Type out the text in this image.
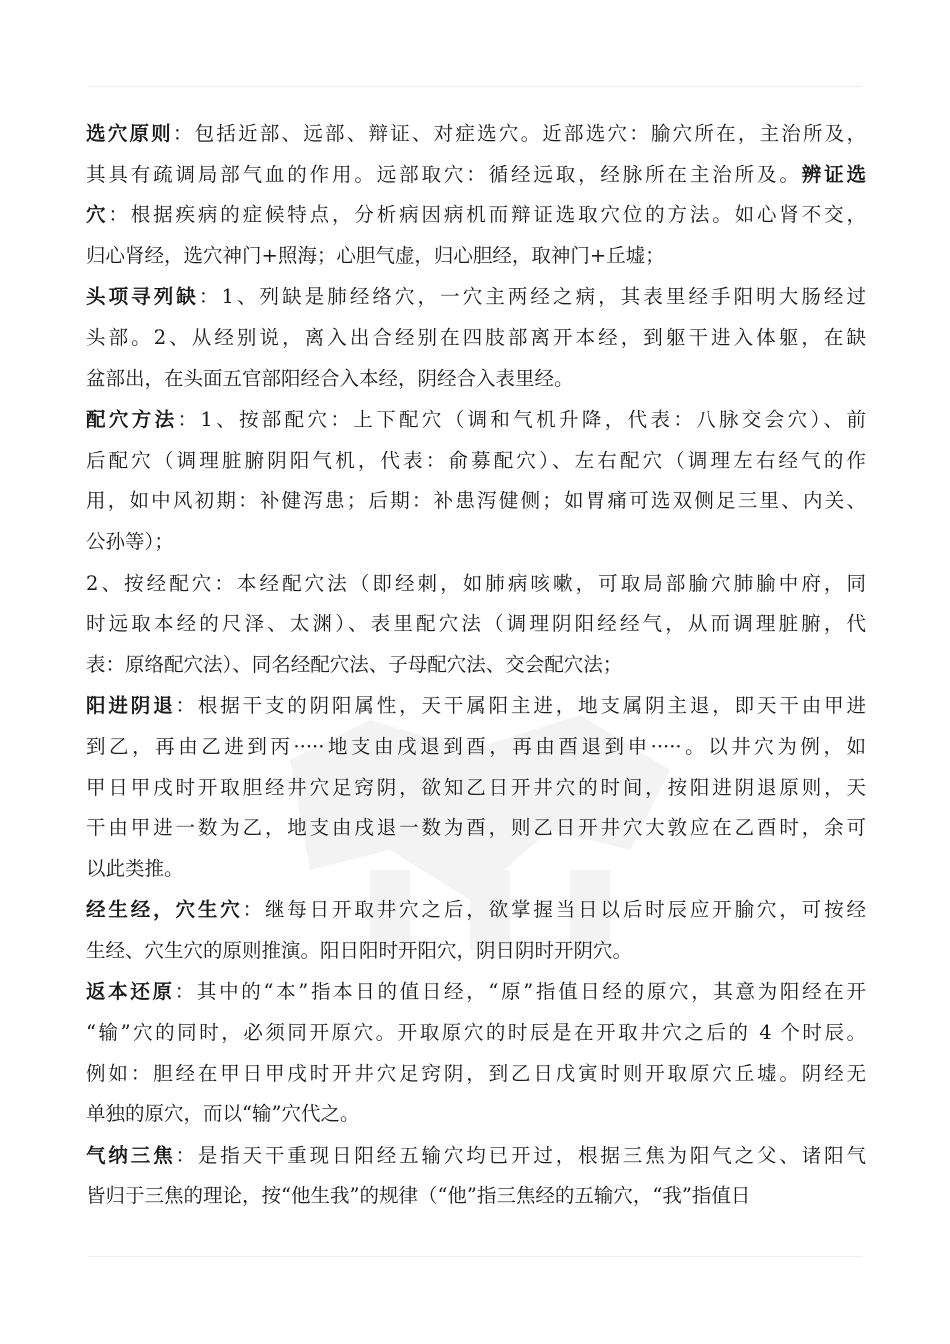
选穴原则：包括近部、远部、辩证、对症选穴。近部选穴：腧穴所在，主治所及，
其具有疏调局部气血的作用。远部取穴：循经远取，经脉所在主治所及。辨证选
穴：根据疾病的症候特点，分析病因病机而辩证选取穴位的方法。如心肾不交，
归心肾经，选穴神门+照海；心胆气虚，归心胆经，取神门+丘墟；
头项寻列缺：1、列缺是肺经络穴，一穴主两经之病，其表里经手阳明大肠经过
头部。2、从经别说，离入出合经别在四肢部离开本经，到躯干进入体躯，在缺
盆部出，在头面五官部阳经合入本经，阴经合入表里经。
配穴方法：1、按部配穴：上下配穴（调和气机升降，代表：八脉交会穴）、前
后配穴（调理脏腑阴阳气机，代表：俞募配穴）、左右配穴（调理左右经气的作
用，如中风初期：补健泻患；后期：补患泻健侧；如胃痛可选双侧足三里、内关、
公孙等）；
2、按经配穴：本经配穴法（即经刺，如肺病咳嗽，可取局部腧穴肺腧中府，同
时远取本经的尺泽、太渊）、表里配穴法（调理阴阳经经气，从而调理脏腑，代
表：原络配穴法）、同名经配穴法、子母配穴法、交会配穴法；
阳进阴退：根据干支的阴阳属性，天干属阳主进，地支属阴主退，即天干由甲进
到乙，再由乙进到丙·····地支由戌退到酉，再由酉退到申·····。以井穴为例，如
甲日甲戌时开取胆经井穴足窍阴，欲知乙日开井穴的时间，按阳进阴退原则，天
干由甲进一数为乙，地支由戌退一数为酉，则乙日开井穴大敦应在乙酉时，余可
以此类推。
经生经，穴生穴：继每日开取井穴之后，欲掌握当日以后时辰应开腧穴，可按经
生经、穴生穴的原则推演。阳日阳时开阳穴，阴日阴时开阴穴。
返本还原：其中的“本”指本日的值日经，“原”指值日经的原穴，其意为阳经在开
“输”穴的同时，必须同开原穴。开取原穴的时辰是在开取井穴之后的 4 个时辰。
例如：胆经在甲日甲戌时开井穴足窍阴，到乙日戊寅时则开取原穴丘墟。阴经无
单独的原穴，而以“输”穴代之。
气纳三焦：是指天干重现日阳经五输穴均已开过，根据三焦为阳气之父、诸阳气
皆归于三焦的理论，按“他生我”的规律（“他”指三焦经的五输穴，“我”指值日
